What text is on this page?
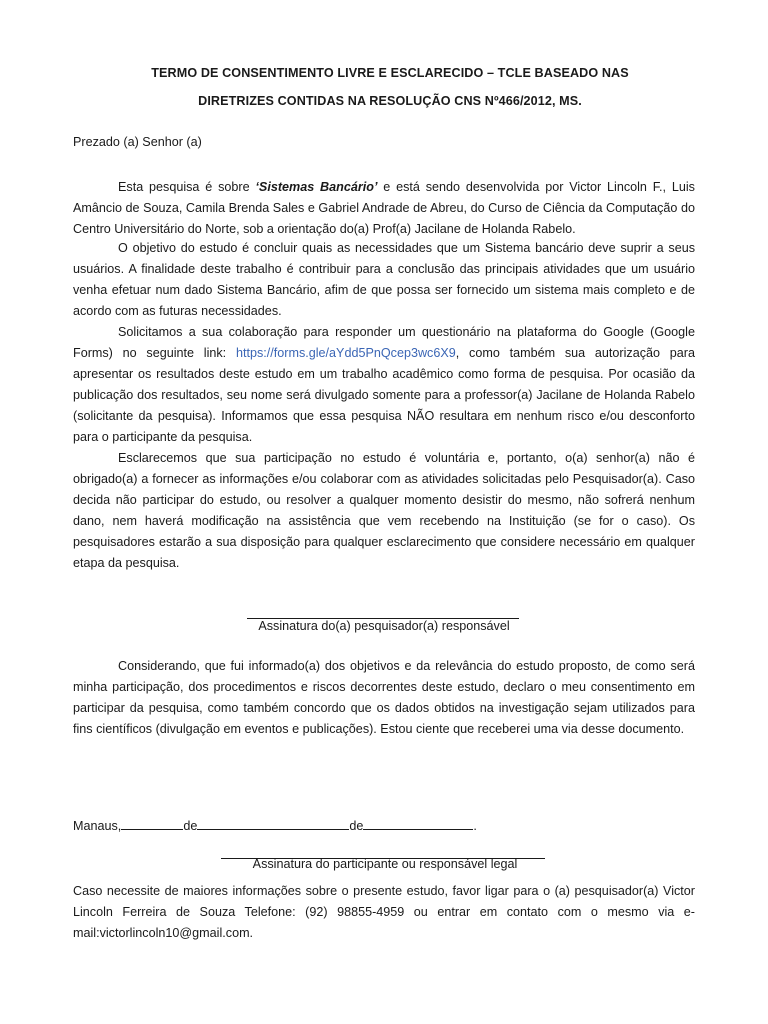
TERMO DE CONSENTIMENTO LIVRE E ESCLARECIDO – TCLE BASEADO NAS
DIRETRIZES CONTIDAS NA RESOLUÇÃO CNS Nº466/2012, MS.
Prezado (a) Senhor (a)

Esta pesquisa é sobre ‘Sistemas Bancário’ e está sendo desenvolvida por Victor Lincoln F., Luis Amâncio de Souza, Camila Brenda Sales e Gabriel Andrade de Abreu, do Curso de Ciência da Computação do Centro Universitário do Norte, sob a orientação do(a) Prof(a) Jacilane de Holanda Rabelo.

O objetivo do estudo é concluir quais as necessidades que um Sistema bancário deve suprir a seus usuários. A finalidade deste trabalho é contribuir para a conclusão das principais atividades que um usuário venha efetuar num dado Sistema Bancário, afim de que possa ser fornecido um sistema mais completo e de acordo com as futuras necessidades.

Solicitamos a sua colaboração para responder um questionário na plataforma do Google (Google Forms) no seguinte link: https://forms.gle/aYdd5PnQcep3wc6X9, como também sua autorização para apresentar os resultados deste estudo em um trabalho acadêmico como forma de pesquisa. Por ocasião da publicação dos resultados, seu nome será divulgado somente para a professor(a) Jacilane de Holanda Rabelo (solicitante da pesquisa). Informamos que essa pesquisa NÃO resultara em nenhum risco e/ou desconforto para o participante da pesquisa.

Esclarecemos que sua participação no estudo é voluntária e, portanto, o(a) senhor(a) não é obrigado(a) a fornecer as informações e/ou colaborar com as atividades solicitadas pelo Pesquisador(a). Caso decida não participar do estudo, ou resolver a qualquer momento desistir do mesmo, não sofrerá nenhum dano, nem haverá modificação na assistência que vem recebendo na Instituição (se for o caso). Os pesquisadores estarão a sua disposição para qualquer esclarecimento que considere necessário em qualquer etapa da pesquisa.

Assinatura do(a) pesquisador(a) responsável

Considerando, que fui informado(a) dos objetivos e da relevância do estudo proposto, de como será minha participação, dos procedimentos e riscos decorrentes deste estudo, declaro o meu consentimento em participar da pesquisa, como também concordo que os dados obtidos na investigação sejam utilizados para fins científicos (divulgação em eventos e publicações). Estou ciente que receberei uma via desse documento.

Manaus,	de	de	.
Assinatura do participante ou responsável legal

Caso necessite de maiores informações sobre o presente estudo, favor ligar para o (a) pesquisador(a) Victor Lincoln Ferreira de Souza Telefone: (92) 98855-4959 ou entrar em contato com o mesmo via e-mail:victorlincoln10@gmail.com.
